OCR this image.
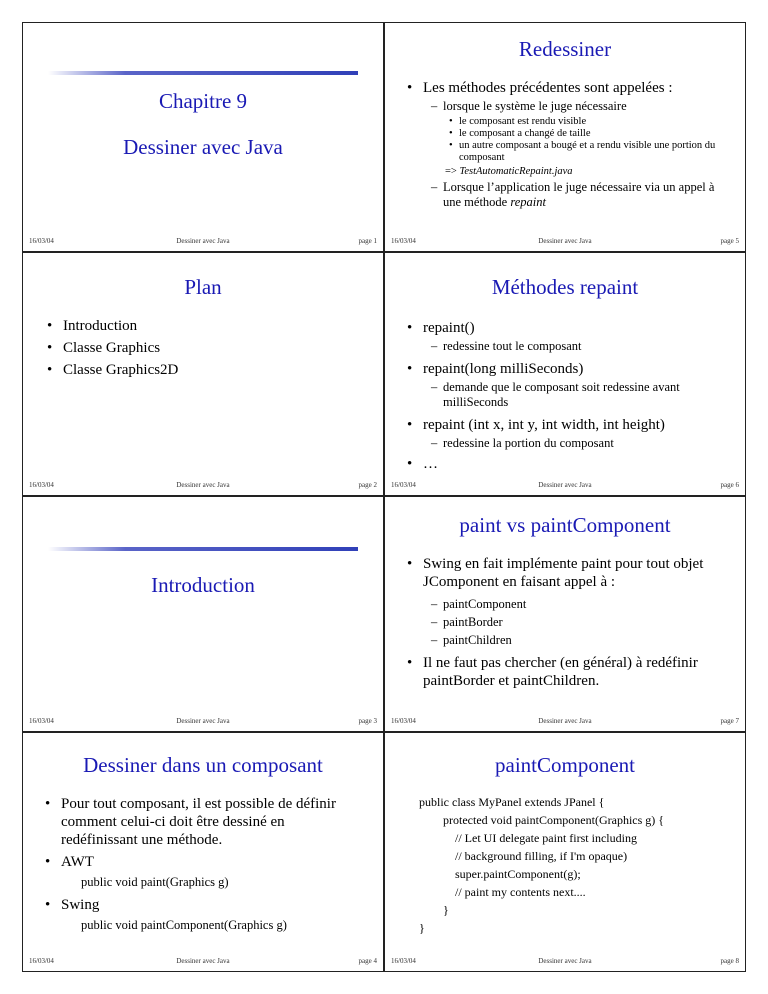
Chapitre 9
Dessiner avec Java
16/03/04	Dessiner avec Java	page 1
Redessiner
• Les méthodes précédentes sont appelées :
– lorsque le système le juge nécessaire
• le composant est rendu visible
• le composant a changé de taille
• un autre composant a bougé et a rendu visible une portion du composant
=> TestAutomaticRepaint.java
– Lorsque l’application le juge nécessaire via un appel à une méthode repaint
16/03/04	Dessiner avec Java	page 5
Plan
• Introduction
• Classe Graphics
• Classe Graphics2D
16/03/04	Dessiner avec Java	page 2
Méthodes repaint
• repaint()
– redessine tout le composant
• repaint(long milliSeconds)
– demande que le composant soit redessine avant milliSeconds
• repaint (int x, int y, int width, int height)
– redessine la portion du composant
• …
16/03/04	Dessiner avec Java	page 6
Introduction
16/03/04	Dessiner avec Java	page 3
paint vs paintComponent
• Swing en fait implémente paint pour tout objet JComponent en faisant appel à :
– paintComponent
– paintBorder
– paintChildren
• Il ne faut pas chercher (en général) à redéfinir paintBorder et paintChildren.
16/03/04	Dessiner avec Java	page 7
Dessiner dans un composant
• Pour tout composant, il est possible de définir comment celui-ci doit être dessiné en redéfinissant une méthode.
• AWT
public void paint(Graphics g)
• Swing
public void paintComponent(Graphics g)
16/03/04	Dessiner avec Java	page 4
paintComponent
public class MyPanel extends JPanel {
protected void paintComponent(Graphics g) {
// Let UI delegate paint first including
// background filling, if I'm opaque)
super.paintComponent(g);
// paint my contents next....
}
}
16/03/04	Dessiner avec Java	page 8
